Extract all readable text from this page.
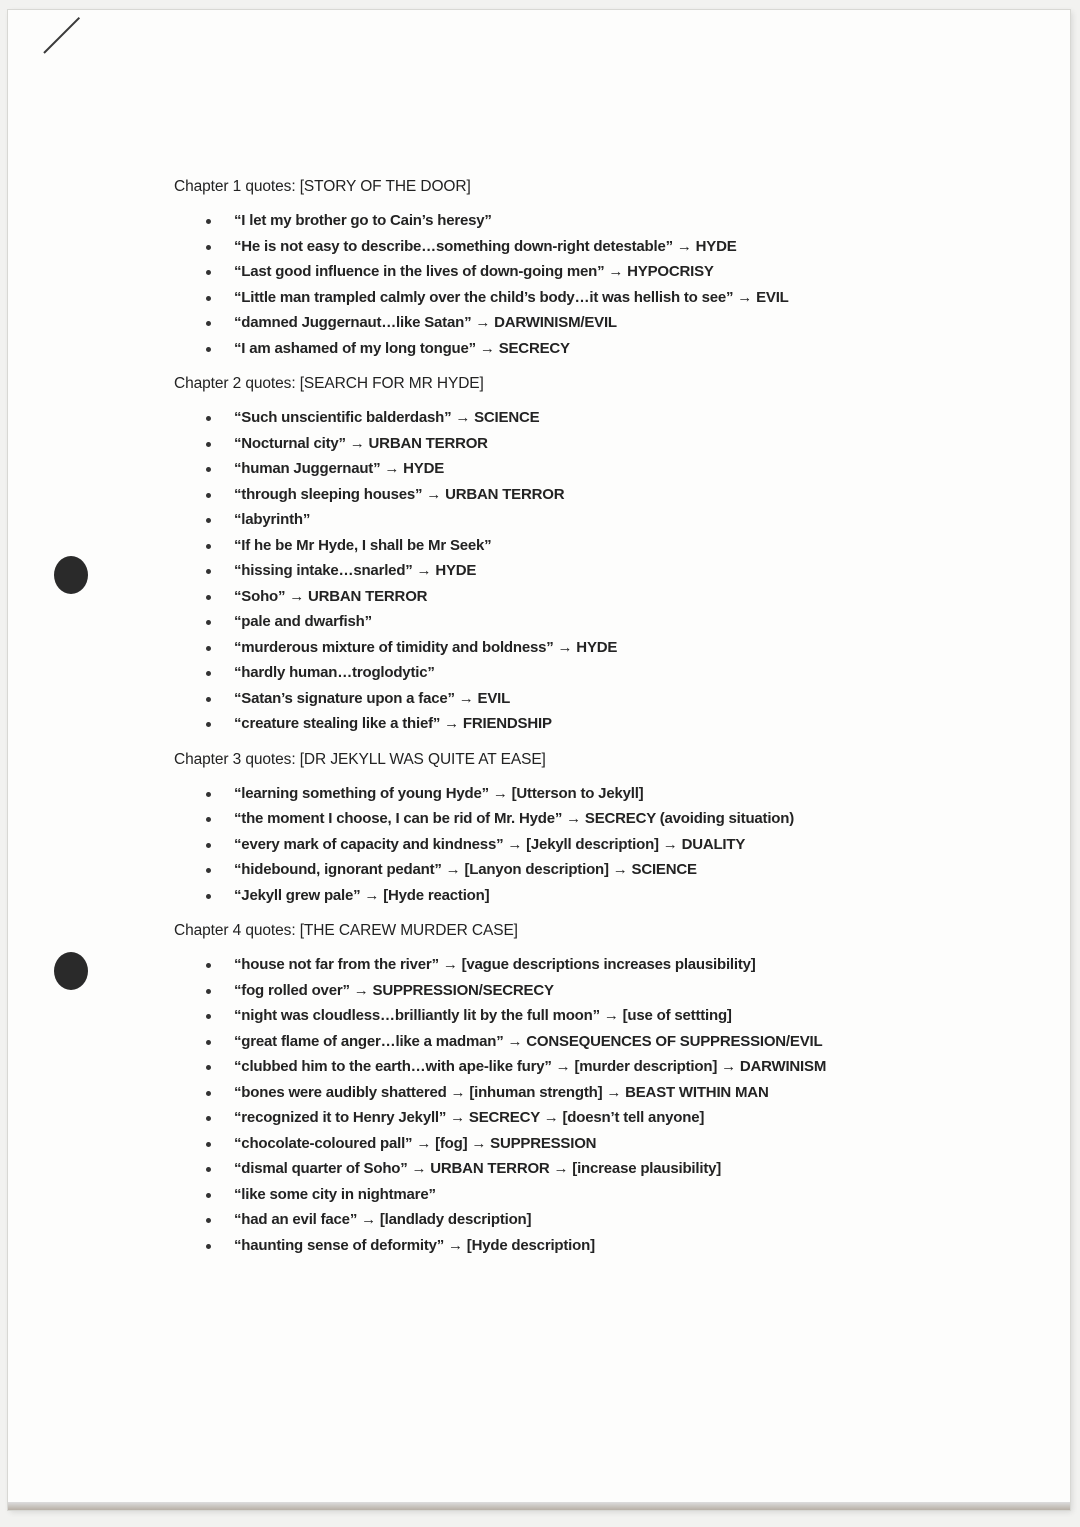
Chapter 1 quotes: [STORY OF THE DOOR]
“I let my brother go to Cain’s heresy”
“He is not easy to describe…something down-right detestable” → HYDE
“Last good influence in the lives of down-going men” → HYPOCRISY
“Little man trampled calmly over the child’s body…it was hellish to see” → EVIL
“damned Juggernaut…like Satan” → DARWINISM/EVIL
“I am ashamed of my long tongue” → SECRECY
Chapter 2 quotes: [SEARCH FOR MR HYDE]
“Such unscientific balderdash” → SCIENCE
“Nocturnal city” → URBAN TERROR
“human Juggernaut” → HYDE
“through sleeping houses” → URBAN TERROR
“labyrinth”
“If he be Mr Hyde, I shall be Mr Seek”
“hissing intake…snarled” → HYDE
“Soho” → URBAN TERROR
“pale and dwarfish”
“murderous mixture of timidity and boldness” → HYDE
“hardly human…troglodytic”
“Satan’s signature upon a face” → EVIL
“creature stealing like a thief” → FRIENDSHIP
Chapter 3 quotes: [DR JEKYLL WAS QUITE AT EASE]
“learning something of young Hyde” → [Utterson to Jekyll]
“the moment I choose, I can be rid of Mr. Hyde” → SECRECY (avoiding situation)
“every mark of capacity and kindness” → [Jekyll description] → DUALITY
“hidebound, ignorant pedant” → [Lanyon description] → SCIENCE
“Jekyll grew pale” → [Hyde reaction]
Chapter 4 quotes: [THE CAREW MURDER CASE]
“house not far from the river” → [vague descriptions increases plausibility]
“fog rolled over” → SUPPRESSION/SECRECY
“night was cloudless…brilliantly lit by the full moon” → [use of settting]
“great flame of anger…like a madman” → CONSEQUENCES OF SUPPRESSION/EVIL
“clubbed him to the earth…with ape-like fury” → [murder description] → DARWINISM
“bones were audibly shattered → [inhuman strength] → BEAST WITHIN MAN
“recognized it to Henry Jekyll” → SECRECY → [doesn’t tell anyone]
“chocolate-coloured pall” → [fog] → SUPPRESSION
“dismal quarter of Soho” → URBAN TERROR → [increase plausibility]
“like some city in nightmare”
“had an evil face” → [landlady description]
“haunting sense of deformity” → [Hyde description]
